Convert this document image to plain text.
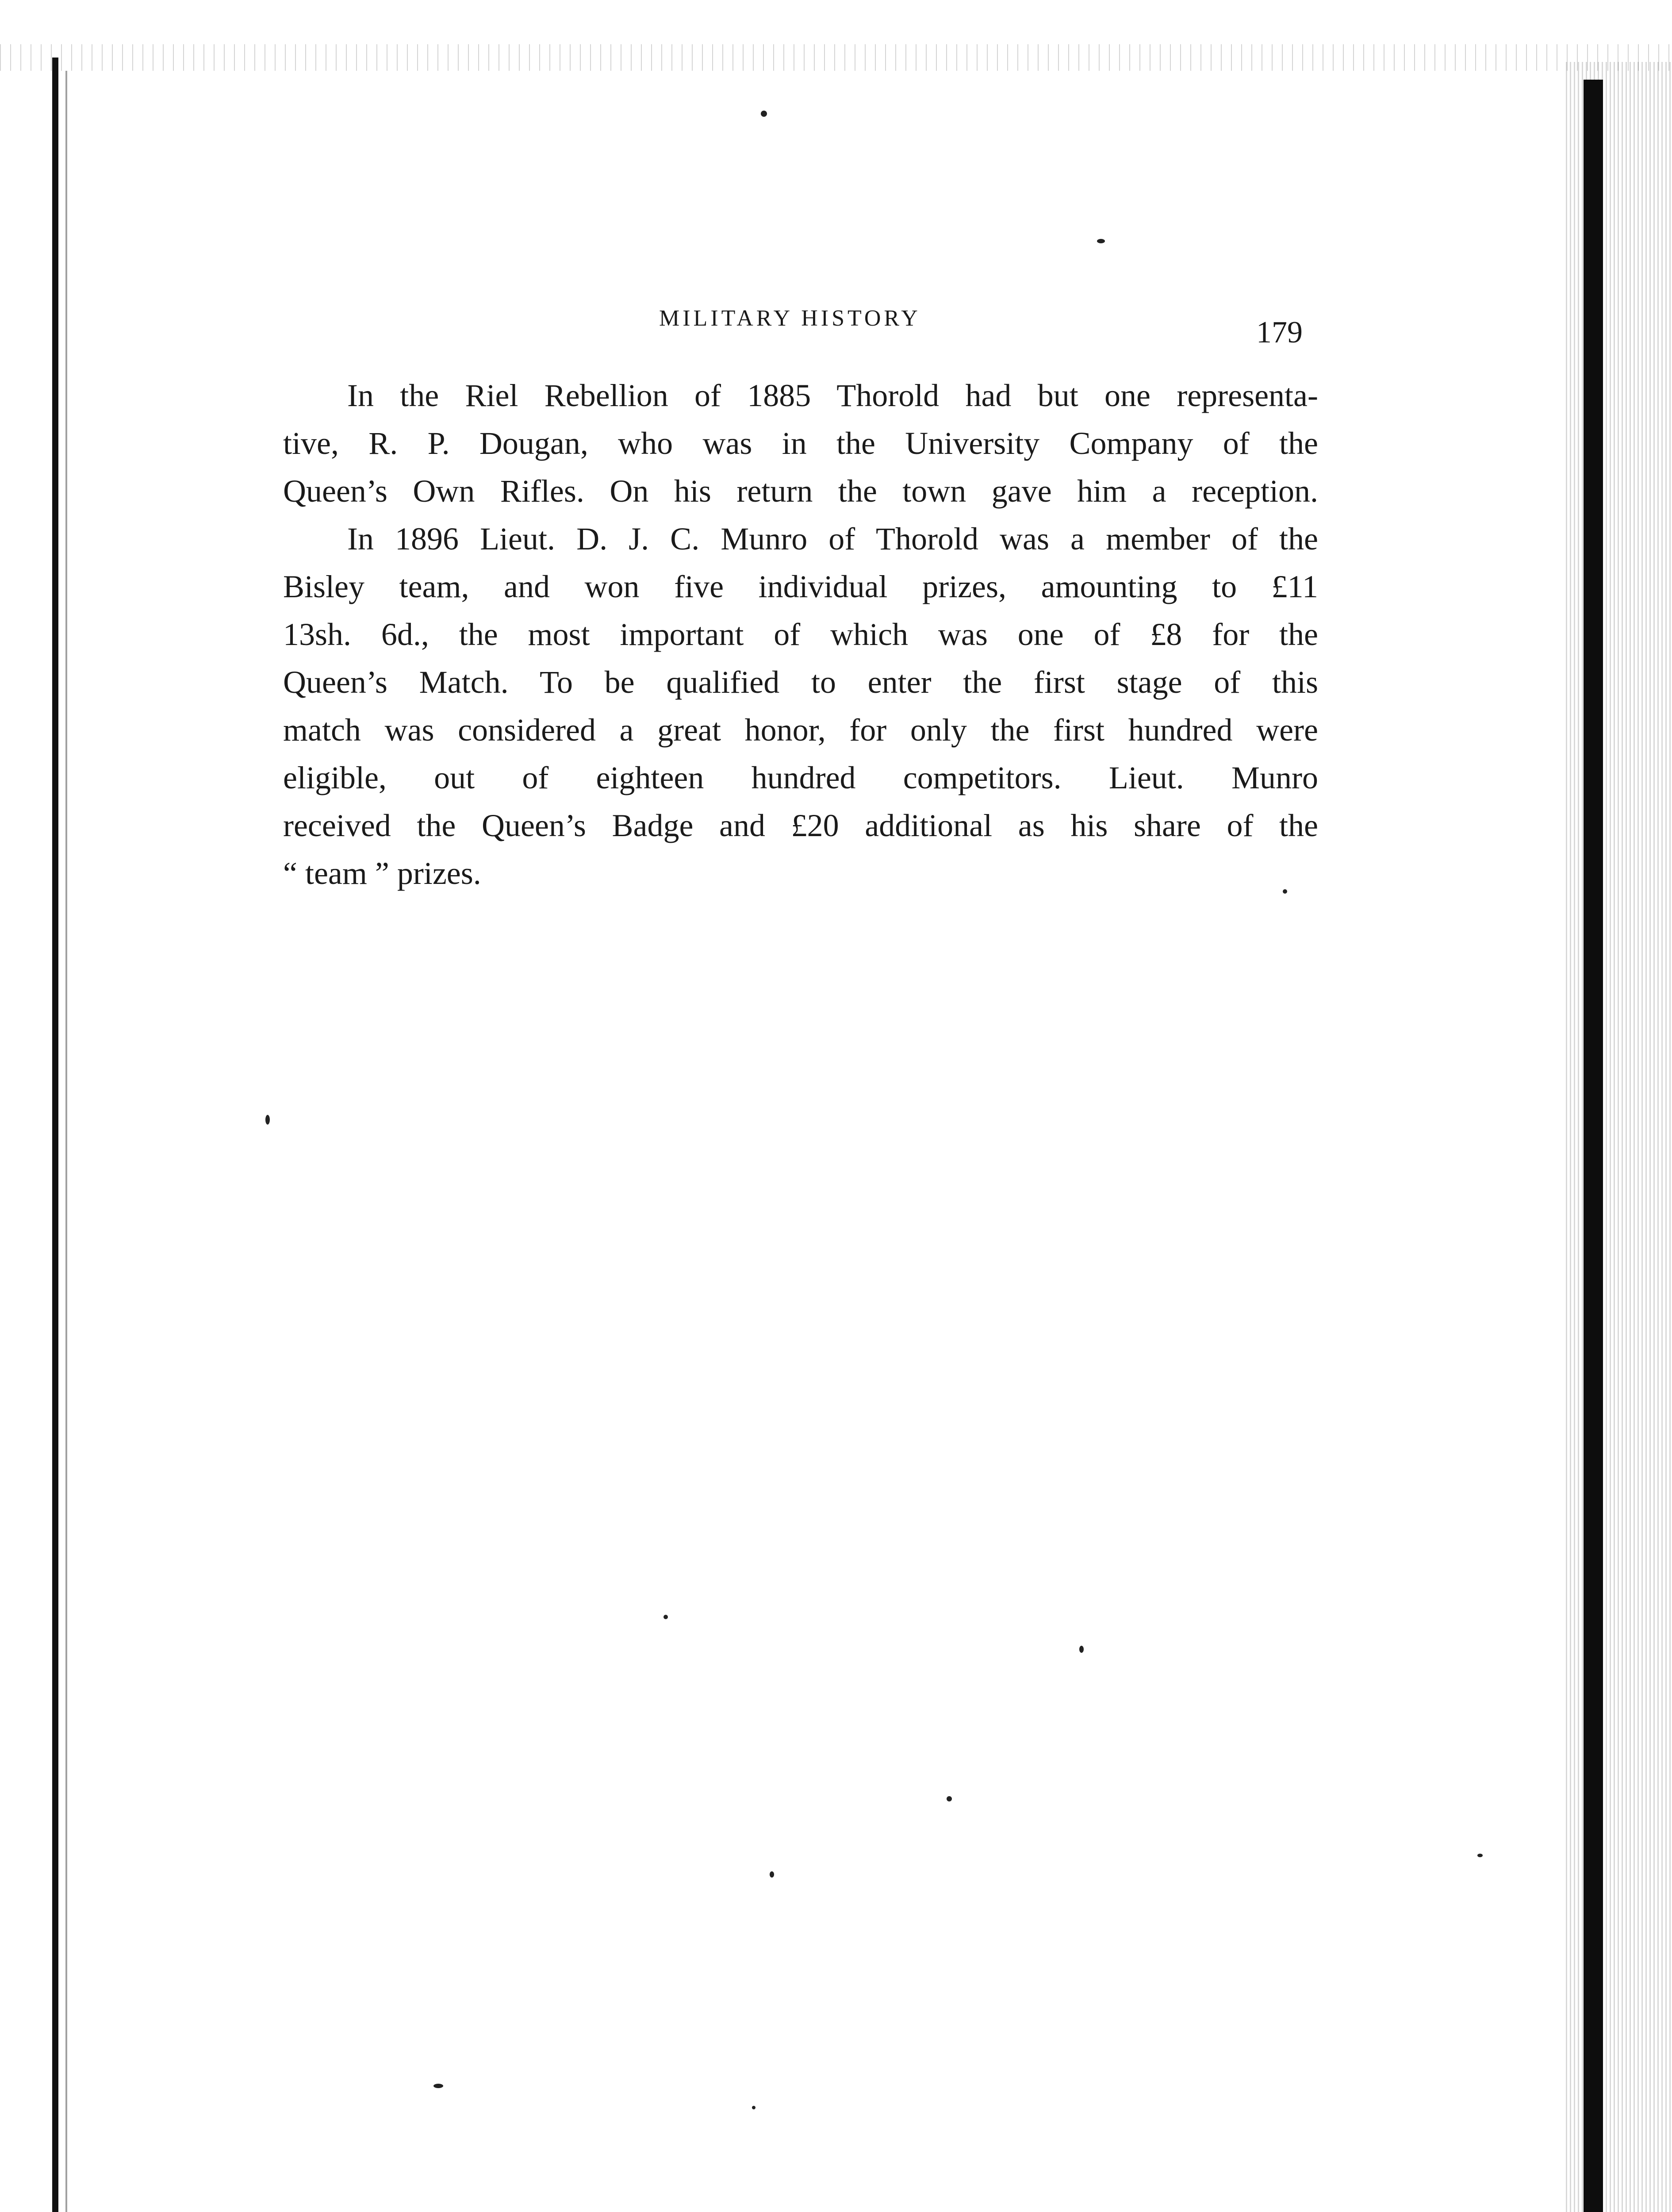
MILITARY HISTORY	179
In the Riel Rebellion of 1885 Thorold had but one representa-
tive, R. P. Dougan, who was in the University Company of the
Queen’s Own Rifles. On his return the town gave him a reception.
In 1896 Lieut. D. J. C. Munro of Thorold was a member of the
Bisley team, and won five individual prizes, amounting to £11
13sh. 6d., the most important of which was one of £8 for the
Queen’s Match. To be qualified to enter the first stage of this
match was considered a great honor, for only the first hundred were
eligible, out of eighteen hundred competitors. Lieut. Munro
received the Queen’s Badge and £20 additional as his share of the
“ team ” prizes.
